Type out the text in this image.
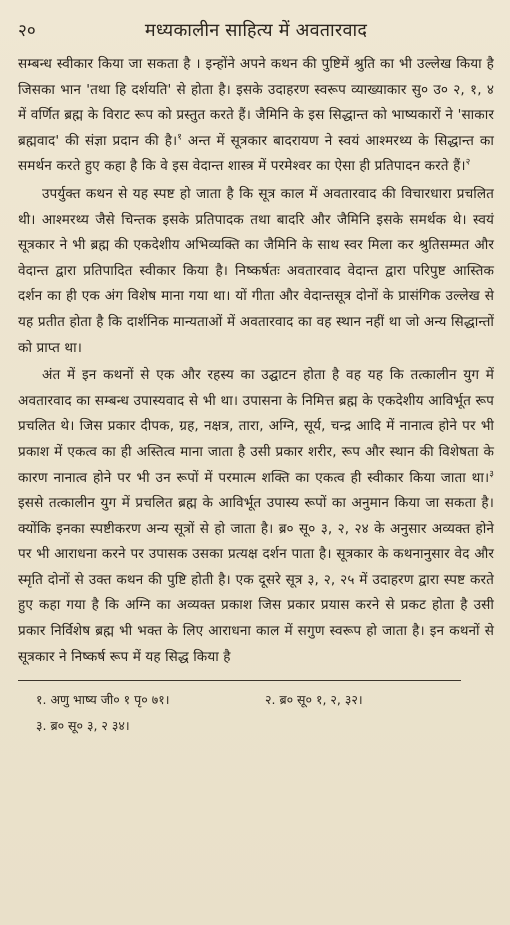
२०	मध्यकालीन साहित्य में अवतारवाद

सम्बन्ध स्वीकार किया जा सकता है । इन्होंने अपने कथन की पुष्टिमें श्रुति का भी उल्लेख किया है जिसका भान 'तथा हि दर्शयति' से होता है। इसके उदाहरण स्वरूप व्याख्याकार सु० उ० २, १, ४ में वर्णित ब्रह्म के विराट रूप को प्रस्तुत करते हैं। जैमिनि के इस सिद्धान्त को भाष्यकारों ने 'साकार ब्रह्मवाद' की संज्ञा प्रदान की है।$^१$ अन्त में सूत्रकार बादरायण ने स्वयं आश्मरथ्य के सिद्धान्त का समर्थन करते हुए कहा है कि वे इस वेदान्त शास्त्र में परमेश्वर का ऐसा ही प्रतिपादन करते हैं।$^२$

उपर्युक्त कथन से यह स्पष्ट हो जाता है कि सूत्र काल में अवतारवाद की विचारधारा प्रचलित थी। आश्मरथ्य जैसे चिन्तक इसके प्रतिपादक तथा बादरि और जैमिनि इसके समर्थक थे। स्वयं सूत्रकार ने भी ब्रह्म की एकदेशीय अभिव्यक्ति का जैमिनि के साथ स्वर मिला कर श्रुतिसम्मत और वेदान्त द्वारा प्रतिपादित स्वीकार किया है। निष्कर्षतः अवतारवाद वेदान्त द्वारा परिपुष्ट आस्तिक दर्शन का ही एक अंग विशेष माना गया था। यों गीता और वेदान्तसूत्र दोनों के प्रासंगिक उल्लेख से यह प्रतीत होता है कि दार्शनिक मान्यताओं में अवतारवाद का वह स्थान नहीं था जो अन्य सिद्धान्तों को प्राप्त था।

अंत में इन कथनों से एक और रहस्य का उद्घाटन होता है वह यह कि तत्कालीन युग में अवतारवाद का सम्बन्ध उपास्यवाद से भी था। उपासना के निमित्त ब्रह्म के एकदेशीय आविर्भूत रूप प्रचलित थे। जिस प्रकार दीपक, ग्रह, नक्षत्र, तारा, अग्नि, सूर्य, चन्द्र आदि में नानात्व होने पर भी प्रकाश में एकत्व का ही अस्तित्व माना जाता है उसी प्रकार शरीर, रूप और स्थान की विशेषता के कारण नानात्व होने पर भी उन रूपों में परमात्म शक्ति का एकत्व ही स्वीकार किया जाता था।$^३$ इससे तत्कालीन युग में प्रचलित ब्रह्म के आविर्भूत उपास्य रूपों का अनुमान किया जा सकता है। क्योंकि इनका स्पष्टीकरण अन्य सूत्रों से हो जाता है। ब्र० सू० ३, २, २४ के अनुसार अव्यक्त होने पर भी आराधना करने पर उपासक उसका प्रत्यक्ष दर्शन पाता है। सूत्रकार के कथनानुसार वेद और स्मृति दोनों से उक्त कथन की पुष्टि होती है। एक दूसरे सूत्र ३, २, २५ में उदाहरण द्वारा स्पष्ट करते हुए कहा गया है कि अग्नि का अव्यक्त प्रकाश जिस प्रकार प्रयास करने से प्रकट होता है उसी प्रकार निर्विशेष ब्रह्म भी भक्त के लिए आराधना काल में सगुण स्वरूप हो जाता है। इन कथनों से सूत्रकार ने निष्कर्ष रूप में यह सिद्ध किया है

१. अणु भाष्य जी० १ पृ० ७१।	२. ब्र० सू० १, २, ३२।
३. ब्र० सू० ३, २ ३४।
